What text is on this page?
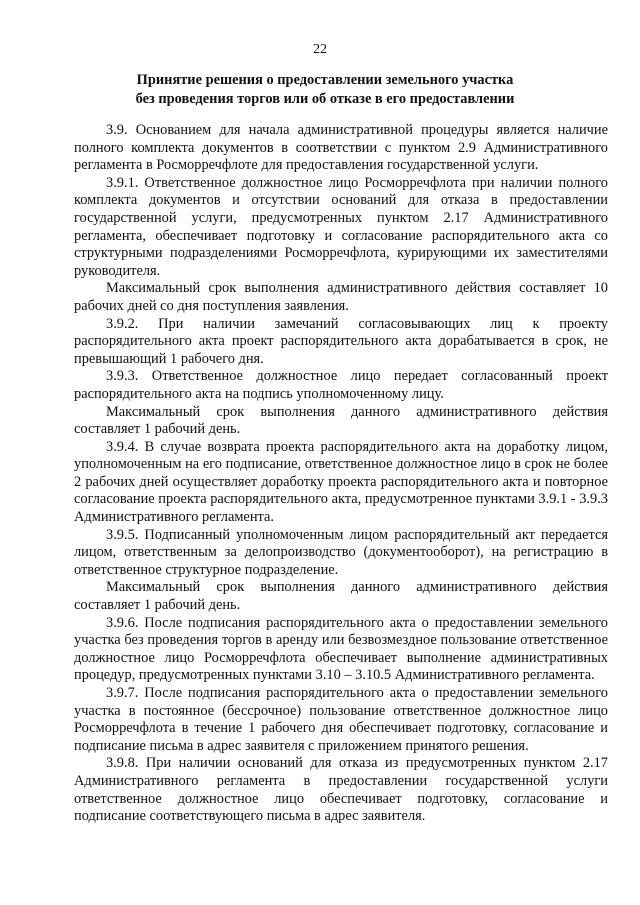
22
Принятие решения о предоставлении земельного участка
без проведения торгов или об отказе в его предоставлении

3.9. Основанием для начала административной процедуры является наличие полного комплекта документов в соответствии с пунктом 2.9 Административного регламента в Росморречфлоте для предоставления государственной услуги.

3.9.1. Ответственное должностное лицо Росморречфлота при наличии полного комплекта документов и отсутствии оснований для отказа в предоставлении государственной услуги, предусмотренных пунктом 2.17 Административного регламента, обеспечивает подготовку и согласование распорядительного акта со структурными подразделениями Росморречфлота, курирующими их заместителями руководителя.

Максимальный срок выполнения административного действия составляет 10 рабочих дней со дня поступления заявления.

3.9.2. При наличии замечаний согласовывающих лиц к проекту распорядительного акта проект распорядительного акта дорабатывается в срок, не превышающий 1 рабочего дня.

3.9.3. Ответственное должностное лицо передает согласованный проект распорядительного акта на подпись уполномоченному лицу.

Максимальный срок выполнения данного административного действия составляет 1 рабочий день.

3.9.4. В случае возврата проекта распорядительного акта на доработку лицом, уполномоченным на его подписание, ответственное должностное лицо в срок не более 2 рабочих дней осуществляет доработку проекта распорядительного акта и повторное согласование проекта распорядительного акта, предусмотренное пунктами 3.9.1 - 3.9.3 Административного регламента.

3.9.5. Подписанный уполномоченным лицом распорядительный акт передается лицом, ответственным за делопроизводство (документооборот), на регистрацию в ответственное структурное подразделение.

Максимальный срок выполнения данного административного действия составляет 1 рабочий день.

3.9.6. После подписания распорядительного акта о предоставлении земельного участка без проведения торгов в аренду или безвозмездное пользование ответственное должностное лицо Росморречфлота обеспечивает выполнение административных процедур, предусмотренных пунктами 3.10 – 3.10.5 Административного регламента.

3.9.7. После подписания распорядительного акта о предоставлении земельного участка в постоянное (бессрочное) пользование ответственное должностное лицо Росморречфлота в течение 1 рабочего дня обеспечивает подготовку, согласование и подписание письма в адрес заявителя с приложением принятого решения.

3.9.8. При наличии оснований для отказа из предусмотренных пунктом 2.17 Административного регламента в предоставлении государственной услуги ответственное должностное лицо обеспечивает подготовку, согласование и подписание соответствующего письма в адрес заявителя.
